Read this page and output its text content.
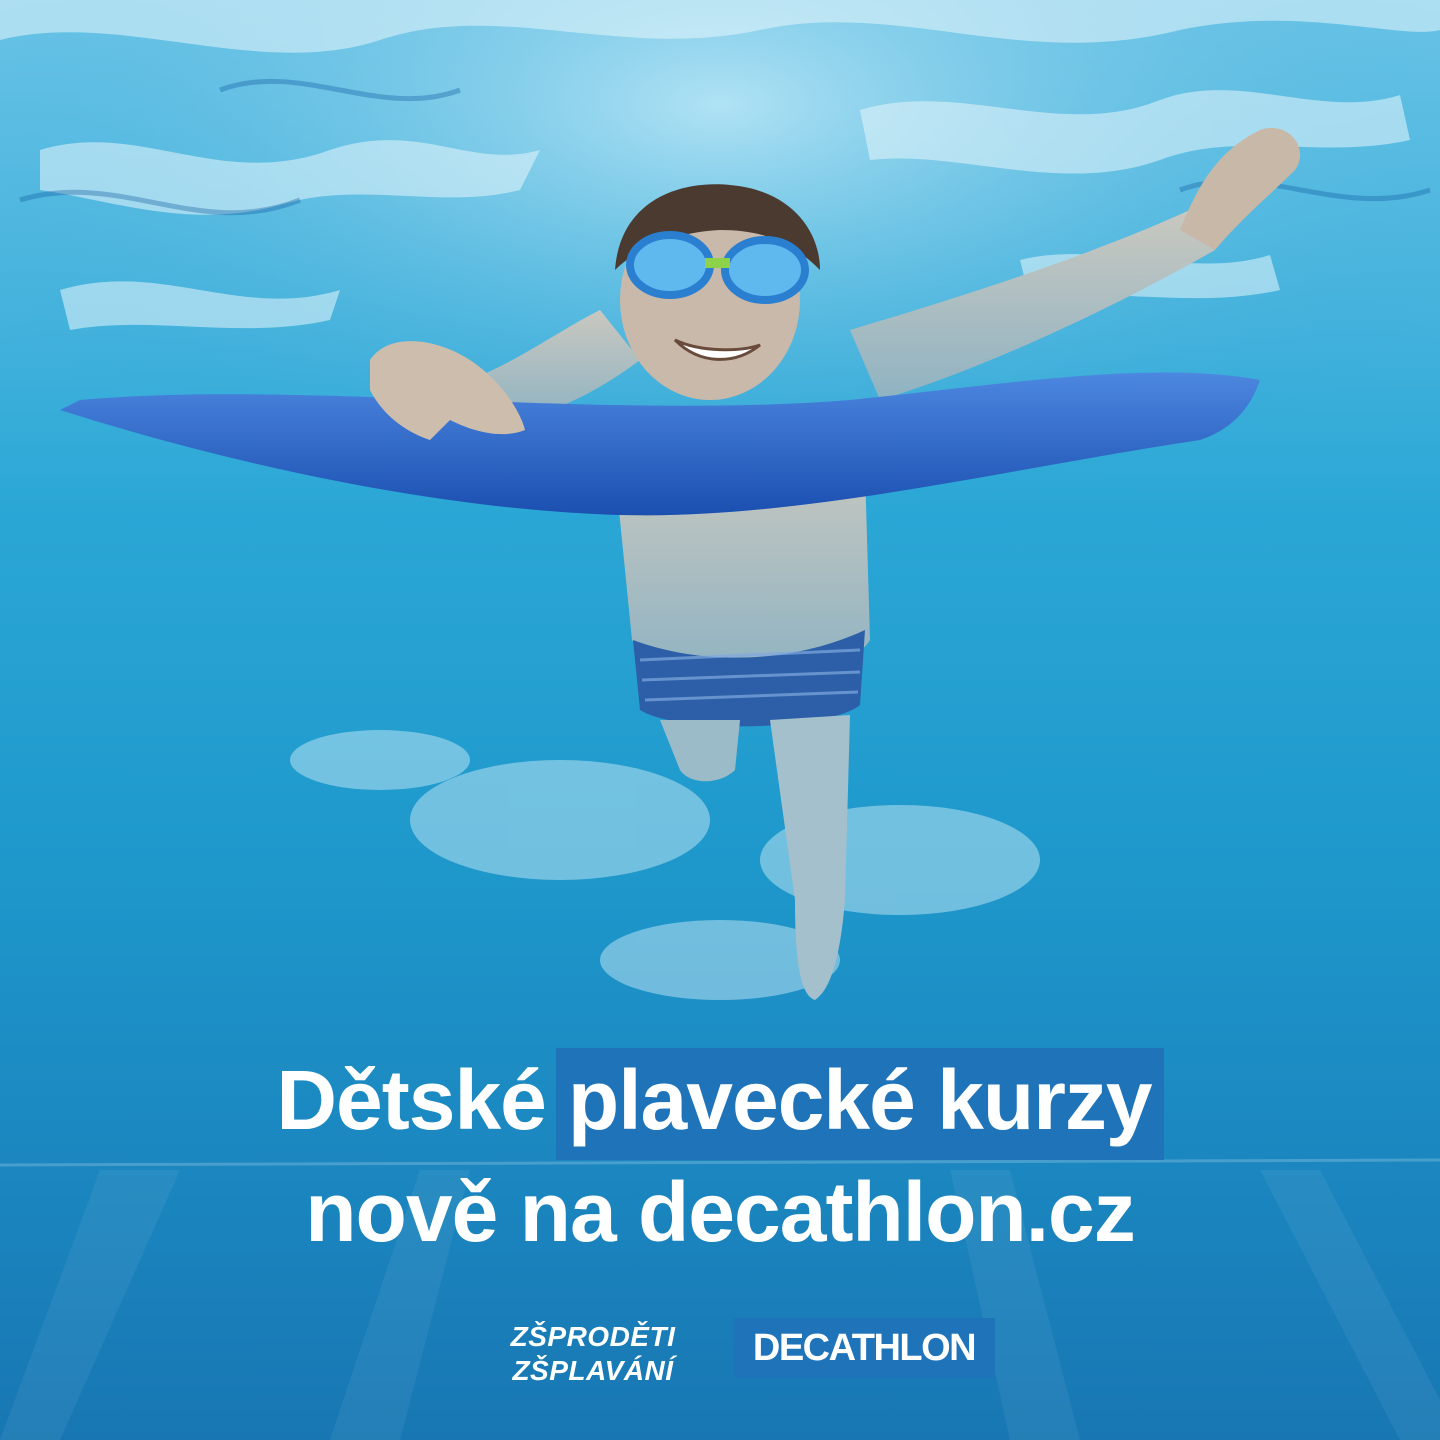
Dětské plavecké kurzy
nově na decathlon.cz
ZŠPRODĚTI
ZŠPLAVÁNÍ
DECATHLON
